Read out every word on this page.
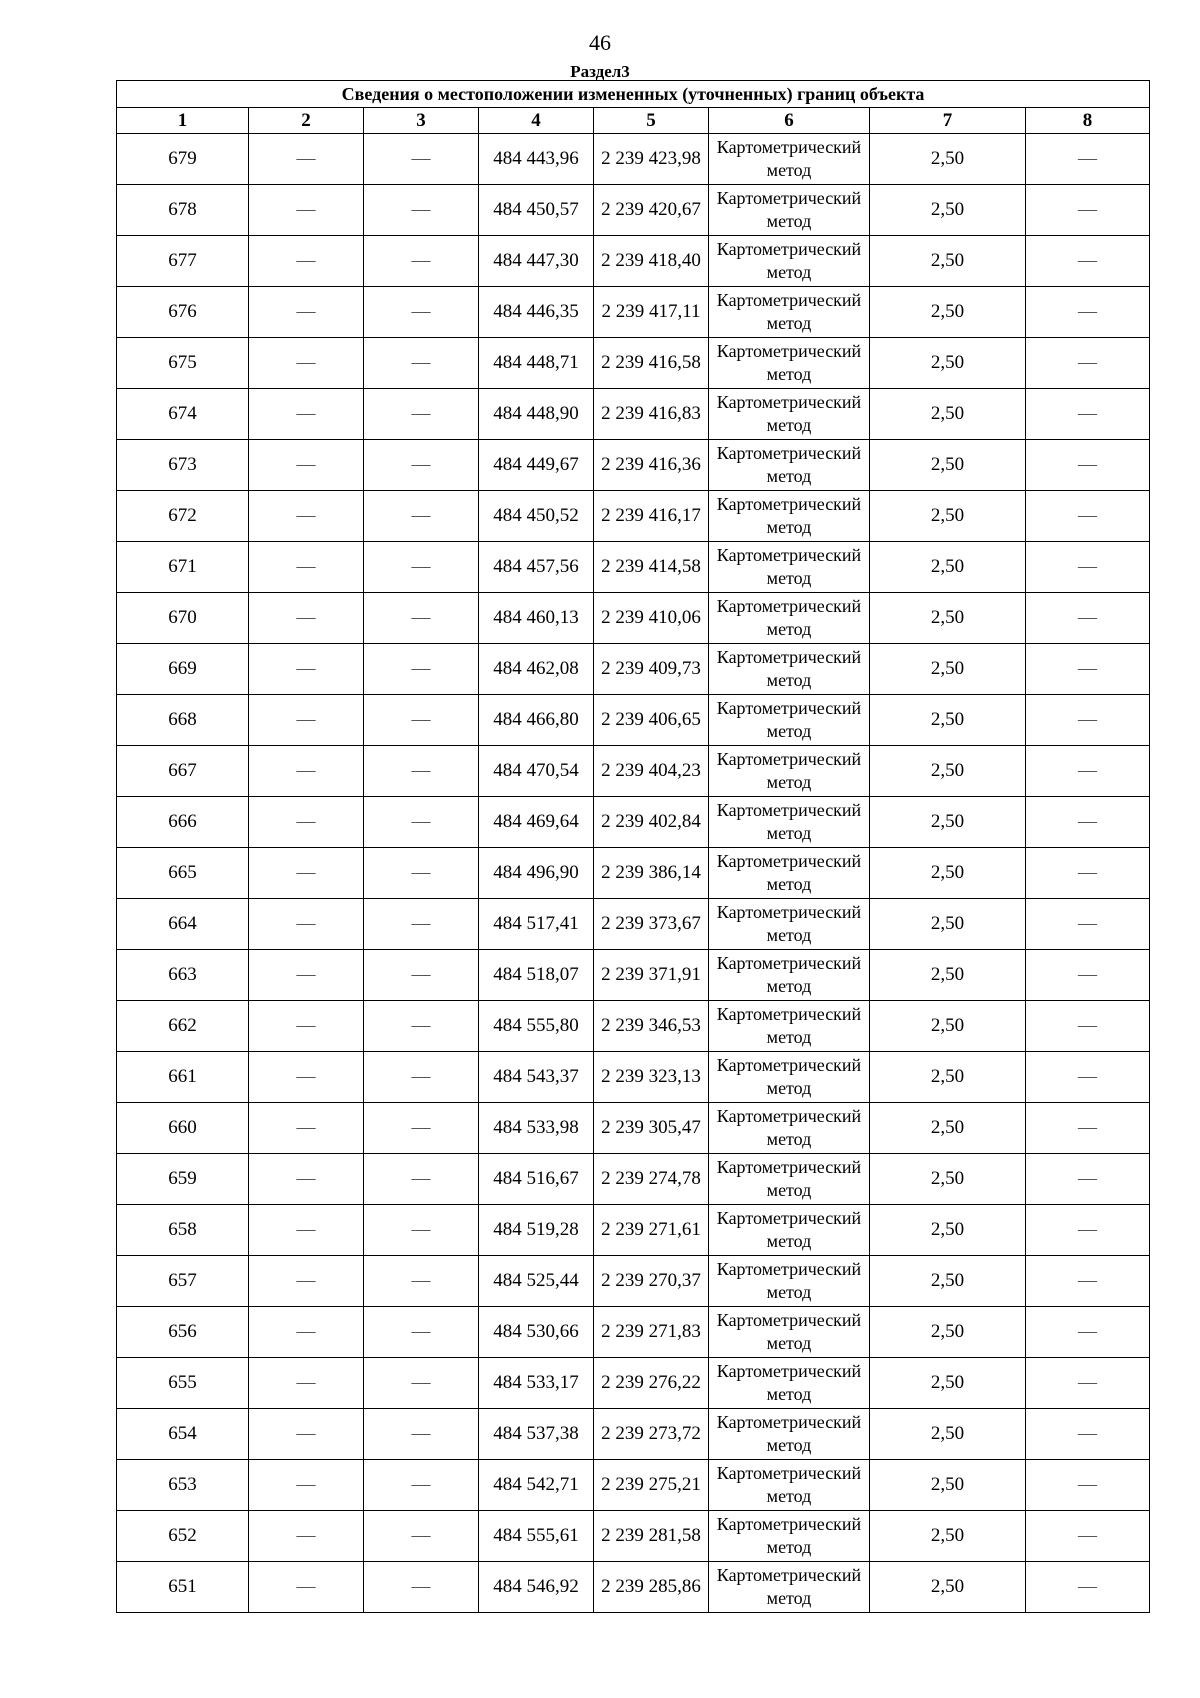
46
Раздел3
Сведения о местоположении измененных (уточненных) границ объекта							
1	2	3	4	5	6	7	8
679	—	—	484 443,96	2 239 423,98	Картометрический метод	2,50	—
678	—	—	484 450,57	2 239 420,67	Картометрический метод	2,50	—
677	—	—	484 447,30	2 239 418,40	Картометрический метод	2,50	—
676	—	—	484 446,35	2 239 417,11	Картометрический метод	2,50	—
675	—	—	484 448,71	2 239 416,58	Картометрический метод	2,50	—
674	—	—	484 448,90	2 239 416,83	Картометрический метод	2,50	—
673	—	—	484 449,67	2 239 416,36	Картометрический метод	2,50	—
672	—	—	484 450,52	2 239 416,17	Картометрический метод	2,50	—
671	—	—	484 457,56	2 239 414,58	Картометрический метод	2,50	—
670	—	—	484 460,13	2 239 410,06	Картометрический метод	2,50	—
669	—	—	484 462,08	2 239 409,73	Картометрический метод	2,50	—
668	—	—	484 466,80	2 239 406,65	Картометрический метод	2,50	—
667	—	—	484 470,54	2 239 404,23	Картометрический метод	2,50	—
666	—	—	484 469,64	2 239 402,84	Картометрический метод	2,50	—
665	—	—	484 496,90	2 239 386,14	Картометрический метод	2,50	—
664	—	—	484 517,41	2 239 373,67	Картометрический метод	2,50	—
663	—	—	484 518,07	2 239 371,91	Картометрический метод	2,50	—
662	—	—	484 555,80	2 239 346,53	Картометрический метод	2,50	—
661	—	—	484 543,37	2 239 323,13	Картометрический метод	2,50	—
660	—	—	484 533,98	2 239 305,47	Картометрический метод	2,50	—
659	—	—	484 516,67	2 239 274,78	Картометрический метод	2,50	—
658	—	—	484 519,28	2 239 271,61	Картометрический метод	2,50	—
657	—	—	484 525,44	2 239 270,37	Картометрический метод	2,50	—
656	—	—	484 530,66	2 239 271,83	Картометрический метод	2,50	—
655	—	—	484 533,17	2 239 276,22	Картометрический метод	2,50	—
654	—	—	484 537,38	2 239 273,72	Картометрический метод	2,50	—
653	—	—	484 542,71	2 239 275,21	Картометрический метод	2,50	—
652	—	—	484 555,61	2 239 281,58	Картометрический метод	2,50	—
651	—	—	484 546,92	2 239 285,86	Картометрический метод	2,50	—
